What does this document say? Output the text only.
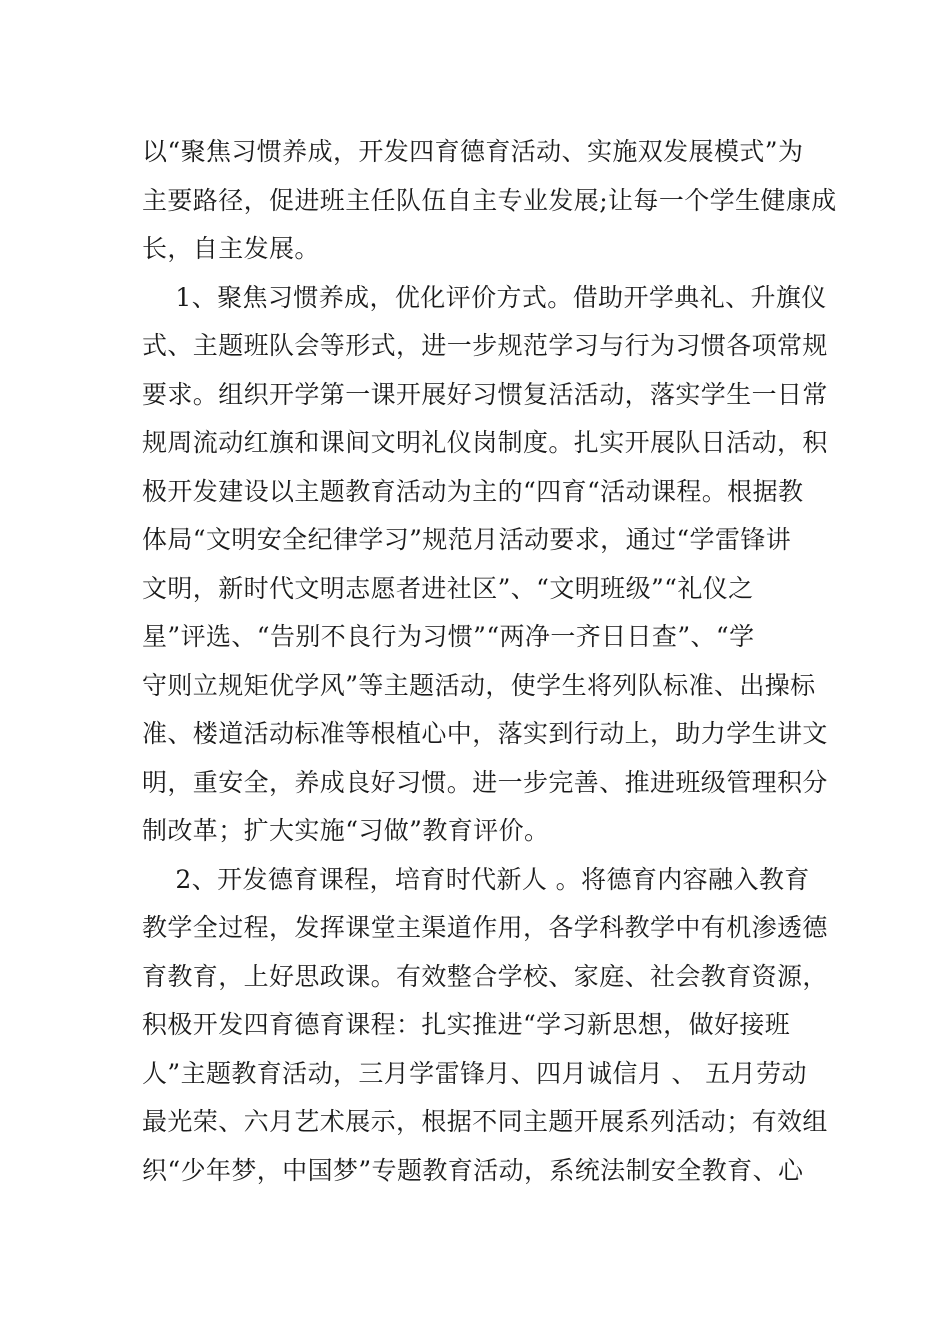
以“聚焦习惯养成，开发四育德育活动、实施双发展模式”为
主要路径，促进班主任队伍自主专业发展;让每一个学生健康成
长，自主发展。
1、聚焦习惯养成，优化评价方式。借助开学典礼、升旗仪
式、主题班队会等形式，进一步规范学习与行为习惯各项常规
要求。组织开学第一课开展好习惯复活活动，落实学生一日常
规周流动红旗和课间文明礼仪岗制度。扎实开展队日活动，积
极开发建设以主题教育活动为主的“四育“活动课程。根据教
体局“文明安全纪律学习”规范月活动要求，通过“学雷锋讲
文明，新时代文明志愿者进社区”、“文明班级”“礼仪之
星”评选、“告别不良行为习惯”“两净一齐日日查”、“学
守则立规矩优学风”等主题活动，使学生将列队标准、出操标
准、楼道活动标准等根植心中，落实到行动上，助力学生讲文
明，重安全，养成良好习惯。进一步完善、推进班级管理积分
制改革；扩大实施“习做”教育评价。
2、开发德育课程，培育时代新人 。将德育内容融入教育
教学全过程，发挥课堂主渠道作用，各学科教学中有机渗透德
育教育，上好思政课。有效整合学校、家庭、社会教育资源，
积极开发四育德育课程：扎实推进“学习新思想，做好接班
人”主题教育活动，三月学雷锋月、四月诚信月 、 五月劳动
最光荣、六月艺术展示，根据不同主题开展系列活动；有效组
织“少年梦，中国梦”专题教育活动，系统法制安全教育、心
